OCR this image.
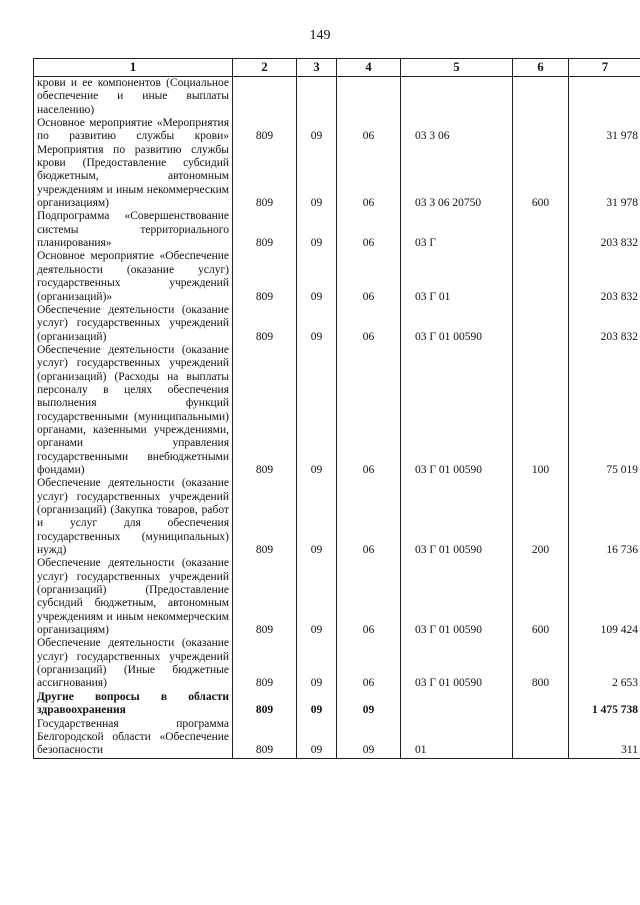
149
1	2	3	4	5	6	7
крови и ее компонентов (Социальное обеспечение и иные выплаты населению)						
Основное мероприятие «Мероприятия по развитию службы крови»	809	09	06	03 3 06		31 978
Мероприятия по развитию службы крови (Предоставление субсидий бюджетным, автономным учреждениям и иным некоммерческим организациям)	809	09	06	03 3 06 20750	600	31 978
Подпрограмма «Совершенствование системы территориального планирования»	809	09	06	03 Г		203 832
Основное мероприятие «Обеспечение деятельности (оказание услуг) государственных учреждений (организаций)»	809	09	06	03 Г 01		203 832
Обеспечение деятельности (оказание услуг) государственных учреждений (организаций)	809	09	06	03 Г 01 00590		203 832
Обеспечение деятельности (оказание услуг) государственных учреждений (организаций) (Расходы на выплаты персоналу в целях обеспечения выполнения функций государственными (муниципальными) органами, казенными учреждениями, органами управления государственными внебюджетными фондами)	809	09	06	03 Г 01 00590	100	75 019
Обеспечение деятельности (оказание услуг) государственных учреждений (организаций) (Закупка товаров, работ и услуг для обеспечения государственных (муниципальных) нужд)	809	09	06	03 Г 01 00590	200	16 736
Обеспечение деятельности (оказание услуг) государственных учреждений (организаций) (Предоставление субсидий бюджетным, автономным учреждениям и иным некоммерческим организациям)	809	09	06	03 Г 01 00590	600	109 424
Обеспечение деятельности (оказание услуг) государственных учреждений (организаций) (Иные бюджетные ассигнования)	809	09	06	03 Г 01 00590	800	2 653
Другие вопросы в области здравоохранения	809	09	09			1 475 738
Государственная программа Белгородской области «Обеспечение безопасности	809	09	09	01		311
